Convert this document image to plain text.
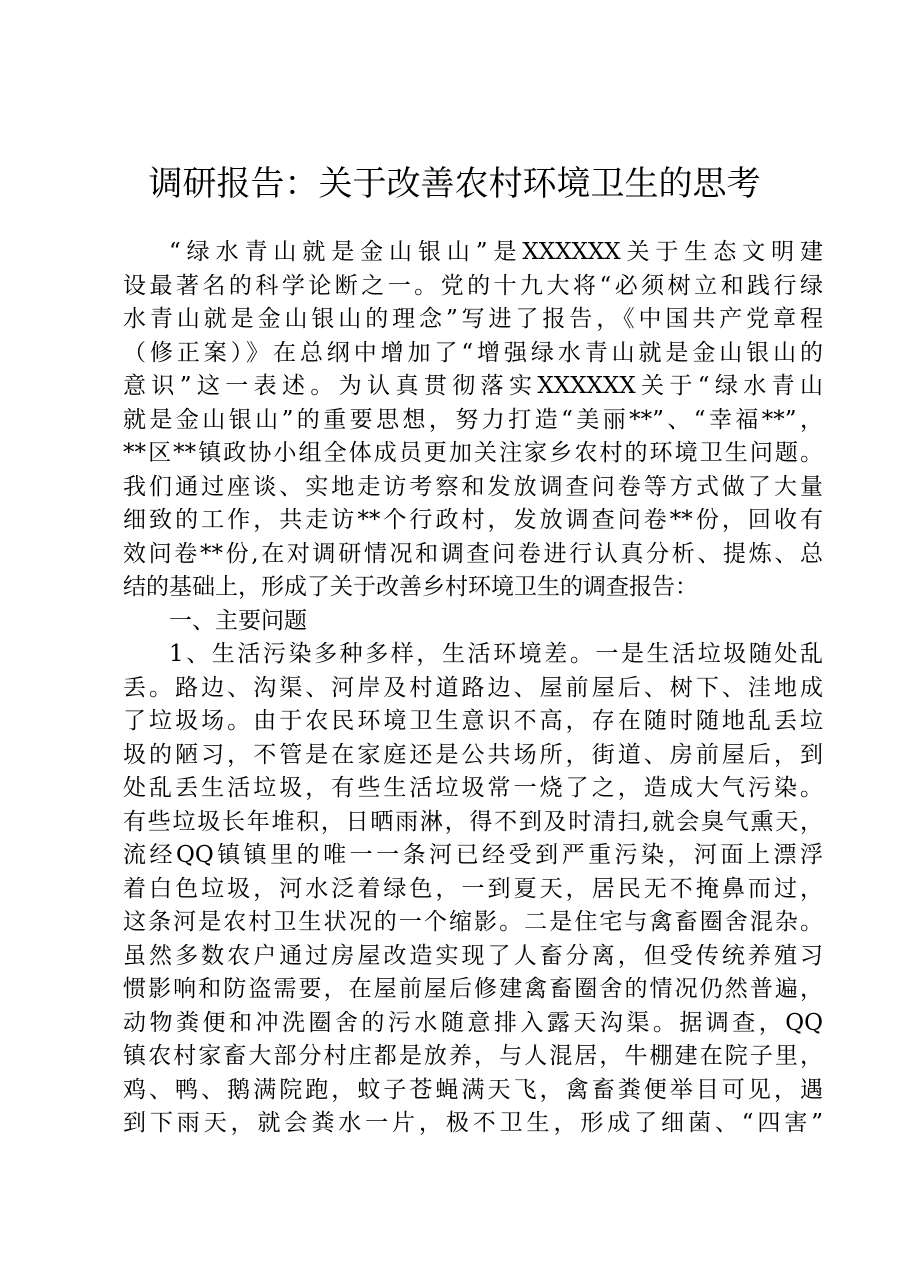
调研报告：关于改善农村环境卫生的思考
“绿水青山就是金山银山”是XXXXXX关于生态文明建
设最著名的科学论断之一。党的十九大将“必须树立和践行绿
水青山就是金山银山的理念”写进了报告，《中国共产党章程
（修正案）》在总纲中增加了“增强绿水青山就是金山银山的
意识”这一表述。为认真贯彻落实XXXXXX关于“绿水青山
就是金山银山”的重要思想，努力打造“美丽**”、“幸福**”，
**区**镇政协小组全体成员更加关注家乡农村的环境卫生问题。
我们通过座谈、实地走访考察和发放调查问卷等方式做了大量
细致的工作，共走访**个行政村，发放调查问卷**份，回收有
效问卷**份,在对调研情况和调查问卷进行认真分析、提炼、总
结的基础上，形成了关于改善乡村环境卫生的调查报告：
一、主要问题
1、生活污染多种多样，生活环境差。一是生活垃圾随处乱
丢。路边、沟渠、河岸及村道路边、屋前屋后、树下、洼地成
了垃圾场。由于农民环境卫生意识不高，存在随时随地乱丢垃
圾的陋习，不管是在家庭还是公共场所，街道、房前屋后，到
处乱丢生活垃圾，有些生活垃圾常一烧了之，造成大气污染。
有些垃圾长年堆积，日晒雨淋，得不到及时清扫,就会臭气熏天，
流经QQ镇镇里的唯一一条河已经受到严重污染，河面上漂浮
着白色垃圾，河水泛着绿色，一到夏天，居民无不掩鼻而过，
这条河是农村卫生状况的一个缩影。二是住宅与禽畜圈舍混杂。
虽然多数农户通过房屋改造实现了人畜分离，但受传统养殖习
惯影响和防盗需要，在屋前屋后修建禽畜圈舍的情况仍然普遍，
动物粪便和冲洗圈舍的污水随意排入露天沟渠。据调查，QQ
镇农村家畜大部分村庄都是放养，与人混居，牛棚建在院子里，
鸡、鸭、鹅满院跑，蚊子苍蝇满天飞，禽畜粪便举目可见，遇
到下雨天，就会粪水一片，极不卫生，形成了细菌、“四害”
